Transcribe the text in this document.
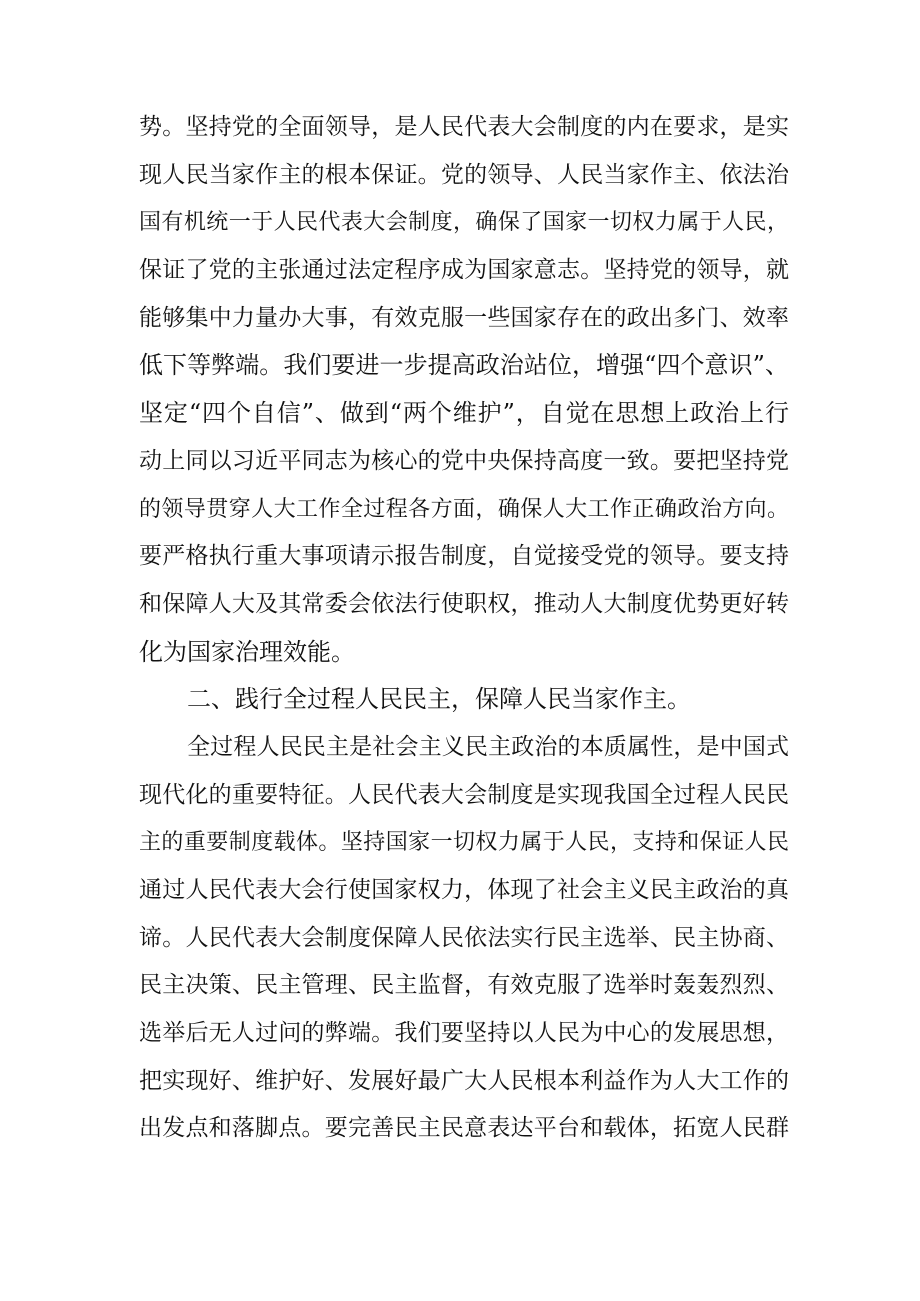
势。坚持党的全面领导，是人民代表大会制度的内在要求，是实
现人民当家作主的根本保证。党的领导、人民当家作主、依法治
国有机统一于人民代表大会制度，确保了国家一切权力属于人民，
保证了党的主张通过法定程序成为国家意志。坚持党的领导，就
能够集中力量办大事，有效克服一些国家存在的政出多门、效率
低下等弊端。我们要进一步提高政治站位，增强“四个意识”、
坚定“四个自信”、做到“两个维护”，自觉在思想上政治上行
动上同以习近平同志为核心的党中央保持高度一致。要把坚持党
的领导贯穿人大工作全过程各方面，确保人大工作正确政治方向。
要严格执行重大事项请示报告制度，自觉接受党的领导。要支持
和保障人大及其常委会依法行使职权，推动人大制度优势更好转
化为国家治理效能。
二、践行全过程人民民主，保障人民当家作主。
全过程人民民主是社会主义民主政治的本质属性，是中国式
现代化的重要特征。人民代表大会制度是实现我国全过程人民民
主的重要制度载体。坚持国家一切权力属于人民，支持和保证人民
通过人民代表大会行使国家权力，体现了社会主义民主政治的真
谛。人民代表大会制度保障人民依法实行民主选举、民主协商、
民主决策、民主管理、民主监督，有效克服了选举时轰轰烈烈、
选举后无人过问的弊端。我们要坚持以人民为中心的发展思想，
把实现好、维护好、发展好最广大人民根本利益作为人大工作的
出发点和落脚点。要完善民主民意表达平台和载体，拓宽人民群
